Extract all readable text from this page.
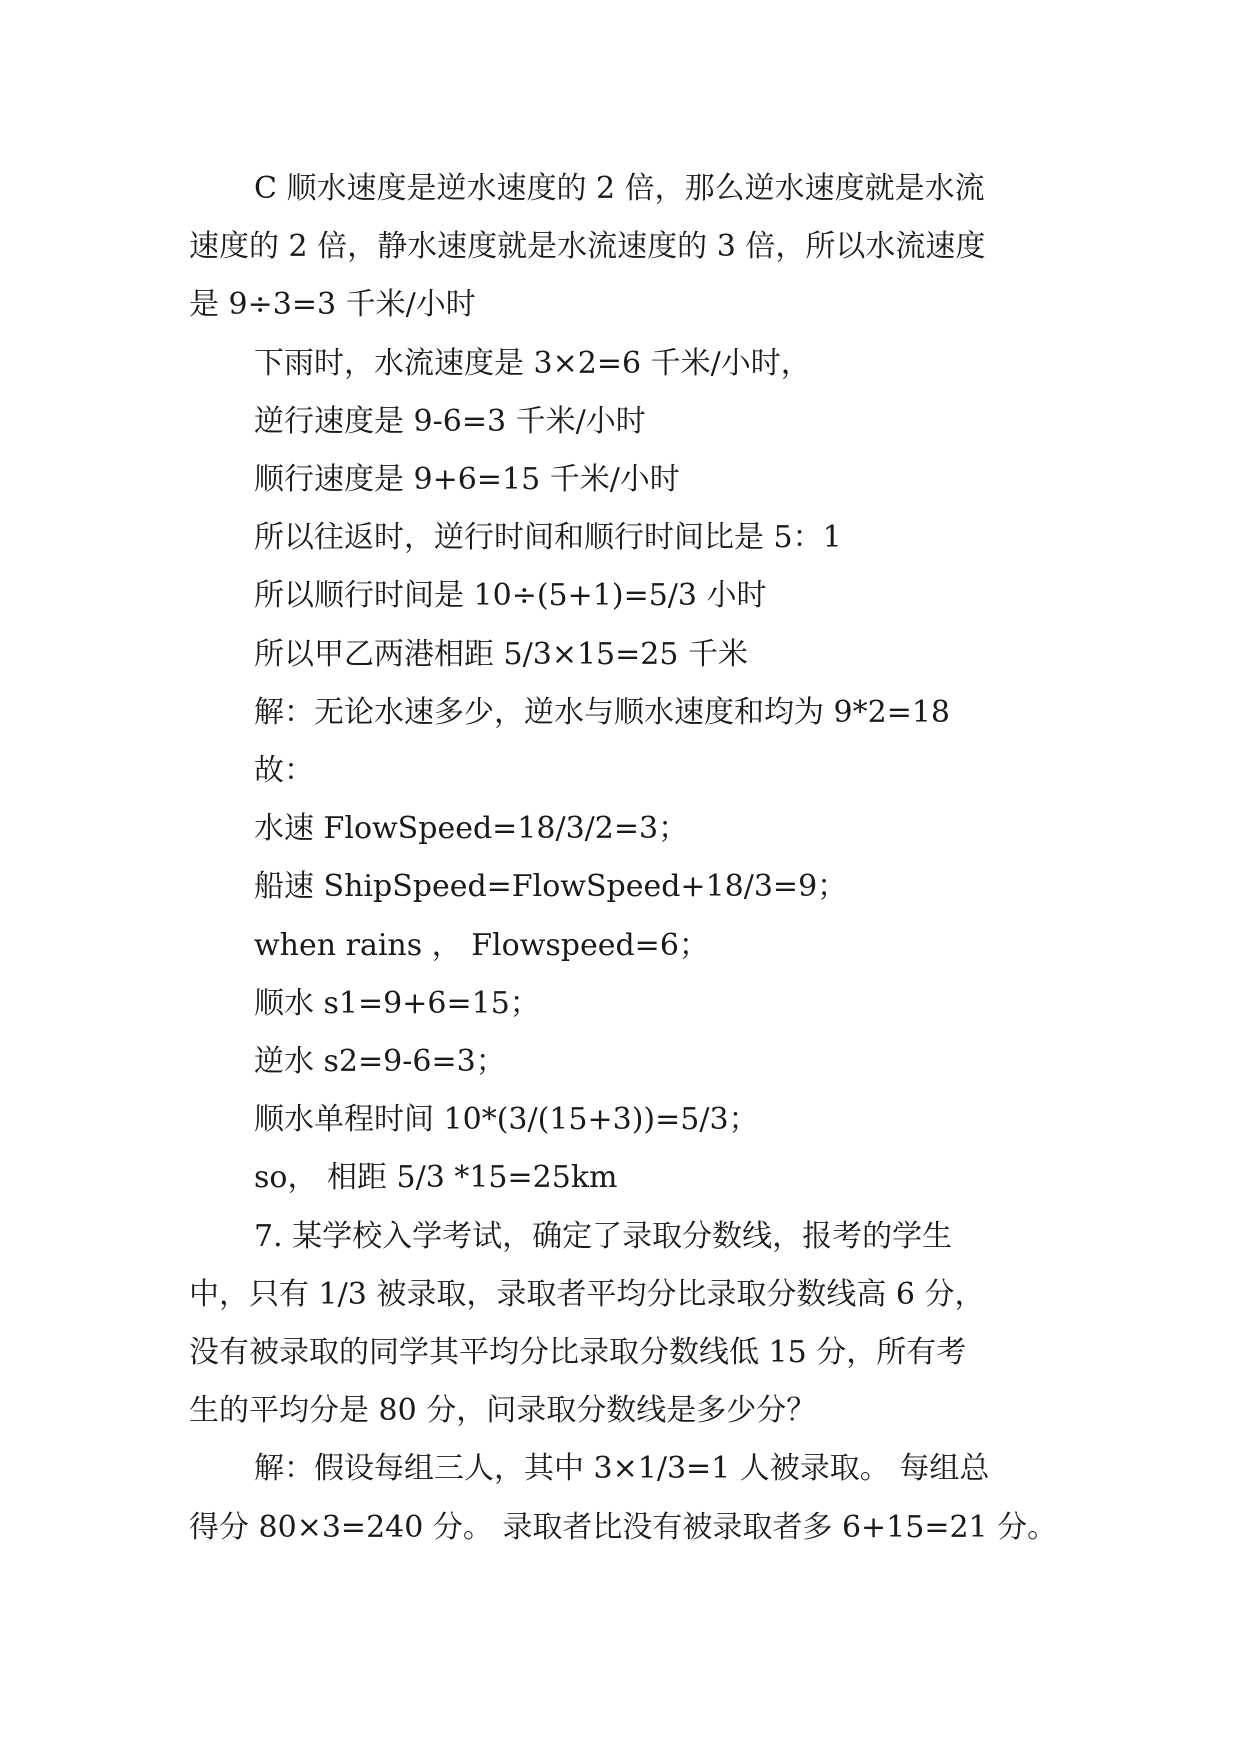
C 顺水速度是逆水速度的 2 倍，那么逆水速度就是水流
速度的 2 倍，静水速度就是水流速度的 3 倍，所以水流速度
是 9÷3=3 千米/小时
下雨时，水流速度是 3×2=6 千米/小时，
逆行速度是 9-6=3 千米/小时
顺行速度是 9+6=15 千米/小时
所以往返时，逆行时间和顺行时间比是 5：1
所以顺行时间是 10÷(5+1)=5/3 小时
所以甲乙两港相距 5/3×15=25 千米
解：无论水速多少，逆水与顺水速度和均为 9*2=18
故：
水速 FlowSpeed=18/3/2=3；
船速 ShipSpeed=FlowSpeed+18/3=9；
when rains ， Flowspeed=6；
顺水 s1=9+6=15；
逆水 s2=9-6=3；
顺水单程时间 10*(3/(15+3))=5/3；
so， 相距 5/3 *15=25km
7. 某学校入学考试，确定了录取分数线，报考的学生
中，只有 1/3 被录取，录取者平均分比录取分数线高 6 分，
没有被录取的同学其平均分比录取分数线低 15 分，所有考
生的平均分是 80 分，问录取分数线是多少分？
解：假设每组三人，其中 3×1/3=1 人被录取。 每组总
得分 80×3=240 分。 录取者比没有被录取者多 6+15=21 分。
